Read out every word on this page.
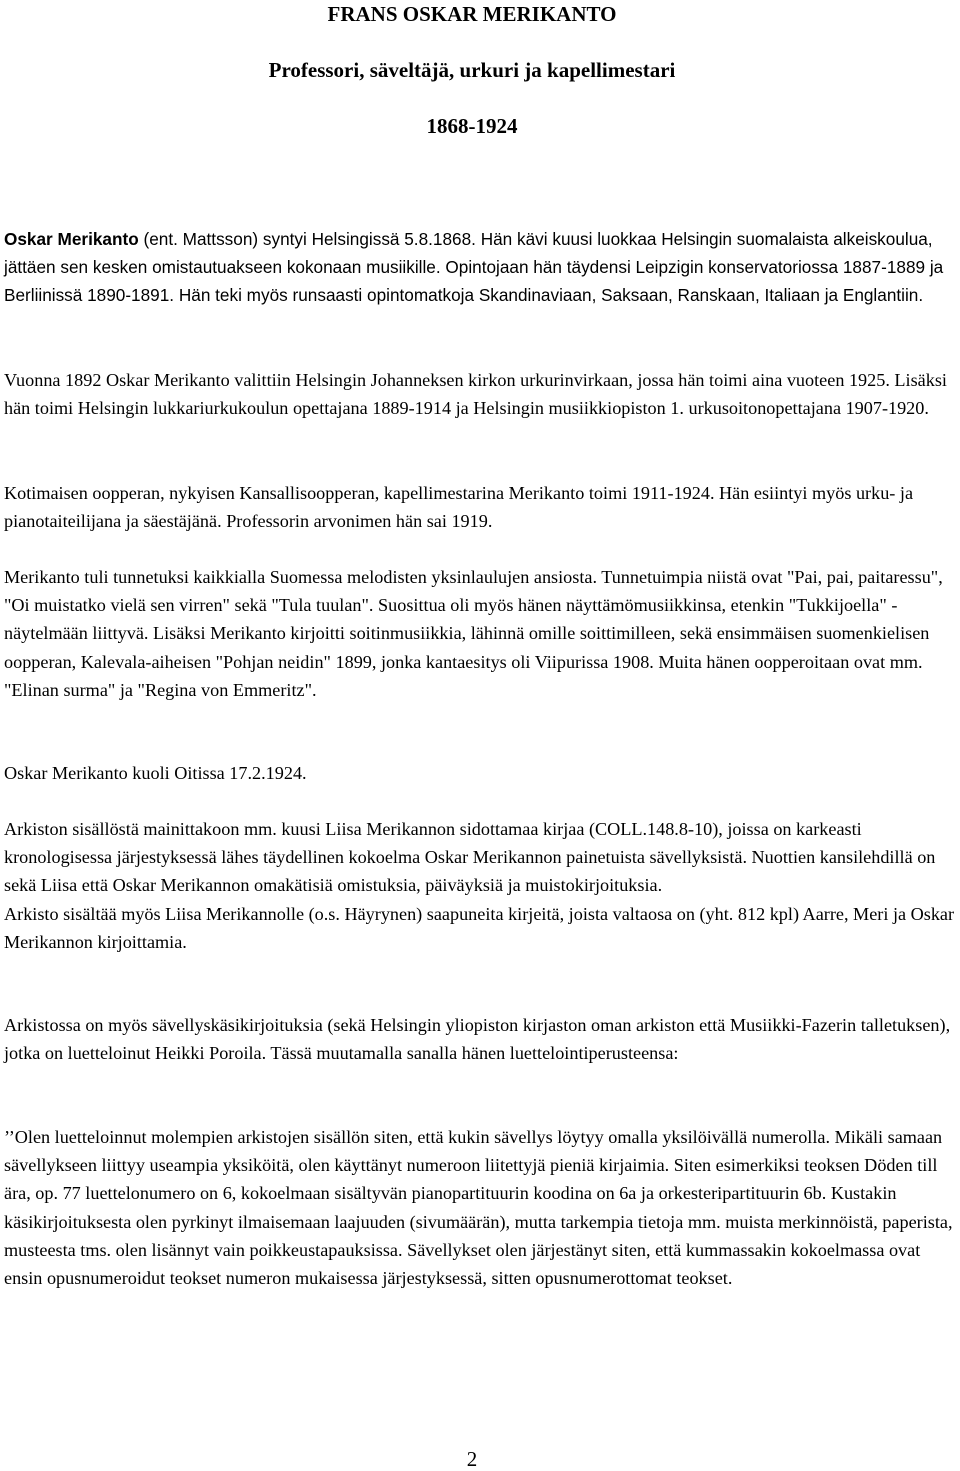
FRANS OSKAR MERIKANTO
Professori, säveltäjä, urkuri ja kapellimestari
1868-1924

Oskar Merikanto (ent. Mattsson) syntyi Helsingissä 5.8.1868. Hän kävi kuusi luokkaa Helsingin suomalaista alkeiskoulua, jättäen sen kesken omistautuakseen kokonaan musiikille. Opintojaan hän täydensi Leipzigin konservatoriossa 1887-1889 ja Berliinissä 1890-1891. Hän teki myös runsaasti opintomatkoja Skandinaviaan, Saksaan, Ranskaan, Italiaan ja Englantiin.

Vuonna 1892 Oskar Merikanto valittiin Helsingin Johanneksen kirkon urkurinvirkaan, jossa hän toimi aina vuoteen 1925. Lisäksi hän toimi Helsingin lukkariurkukoulun opettajana 1889-1914 ja Helsingin musiikkiopiston 1. urkusoitonopettajana 1907-1920.

Kotimaisen oopperan, nykyisen Kansallisoopperan, kapellimestarina Merikanto toimi 1911-1924. Hän esiintyi myös urku- ja pianotaiteilijana ja säestäjänä. Professorin arvonimen hän sai 1919.

Merikanto tuli tunnetuksi kaikkialla Suomessa melodisten yksinlaulujen ansiosta. Tunnetuimpia niistä ovat "Pai, pai, paitaressu", "Oi muistatko vielä sen virren" sekä "Tula tuulan". Suosittua oli myös hänen näyttämömusiikkinsa, etenkin "Tukkijoella" -näytelmään liittyvä. Lisäksi Merikanto kirjoitti soitinmusiikkia, lähinnä omille soittimilleen, sekä ensimmäisen suomenkielisen oopperan, Kalevala-aiheisen "Pohjan neidin" 1899, jonka kantaesitys oli Viipurissa 1908. Muita hänen oopperoitaan ovat mm. "Elinan surma" ja "Regina von Emmeritz".

Oskar Merikanto kuoli Oitissa 17.2.1924.

Arkiston sisällöstä mainittakoon mm. kuusi Liisa Merikannon sidottamaa kirjaa (COLL.148.8-10), joissa on karkeasti kronologisessa järjestyksessä lähes täydellinen kokoelma Oskar Merikannon painetuista sävellyksistä. Nuottien kansilehdillä on sekä Liisa että Oskar Merikannon omakätisiä omistuksia, päiväyksiä ja muistokirjoituksia.

Arkisto sisältää myös Liisa Merikannolle (o.s. Häyrynen) saapuneita kirjeitä, joista valtaosa on (yht. 812 kpl) Aarre, Meri ja Oskar Merikannon kirjoittamia.

Arkistossa on myös sävellyskäsikirjoituksia (sekä Helsingin yliopiston kirjaston oman arkiston että Musiikki-Fazerin talletuksen), jotka on luetteloinut Heikki Poroila. Tässä muutamalla sanalla hänen luettelointiperusteensa:

’’Olen luetteloinnut molempien arkistojen sisällön siten, että kukin sävellys löytyy omalla yksilöivällä numerolla. Mikäli samaan sävellykseen liittyy useampia yksiköitä, olen käyttänyt numeroon liitettyjä pieniä kirjaimia. Siten esimerkiksi teoksen Döden till ära, op. 77 luettelonumero on 6, kokoelmaan sisältyvän pianopartituurin koodina on 6a ja orkesteripartituurin 6b. Kustakin käsikirjoituksesta olen pyrkinyt ilmaisemaan laajuuden (sivumäärän), mutta tarkempia tietoja mm. muista merkinnöistä, paperista, musteesta tms. olen lisännyt vain poikkeustapauksissa. Sävellykset olen järjestänyt siten, että kummassakin kokoelmassa ovat ensin opusnumeroidut teokset numeron mukaisessa järjestyksessä, sitten opusnumerottomat teokset.

2
